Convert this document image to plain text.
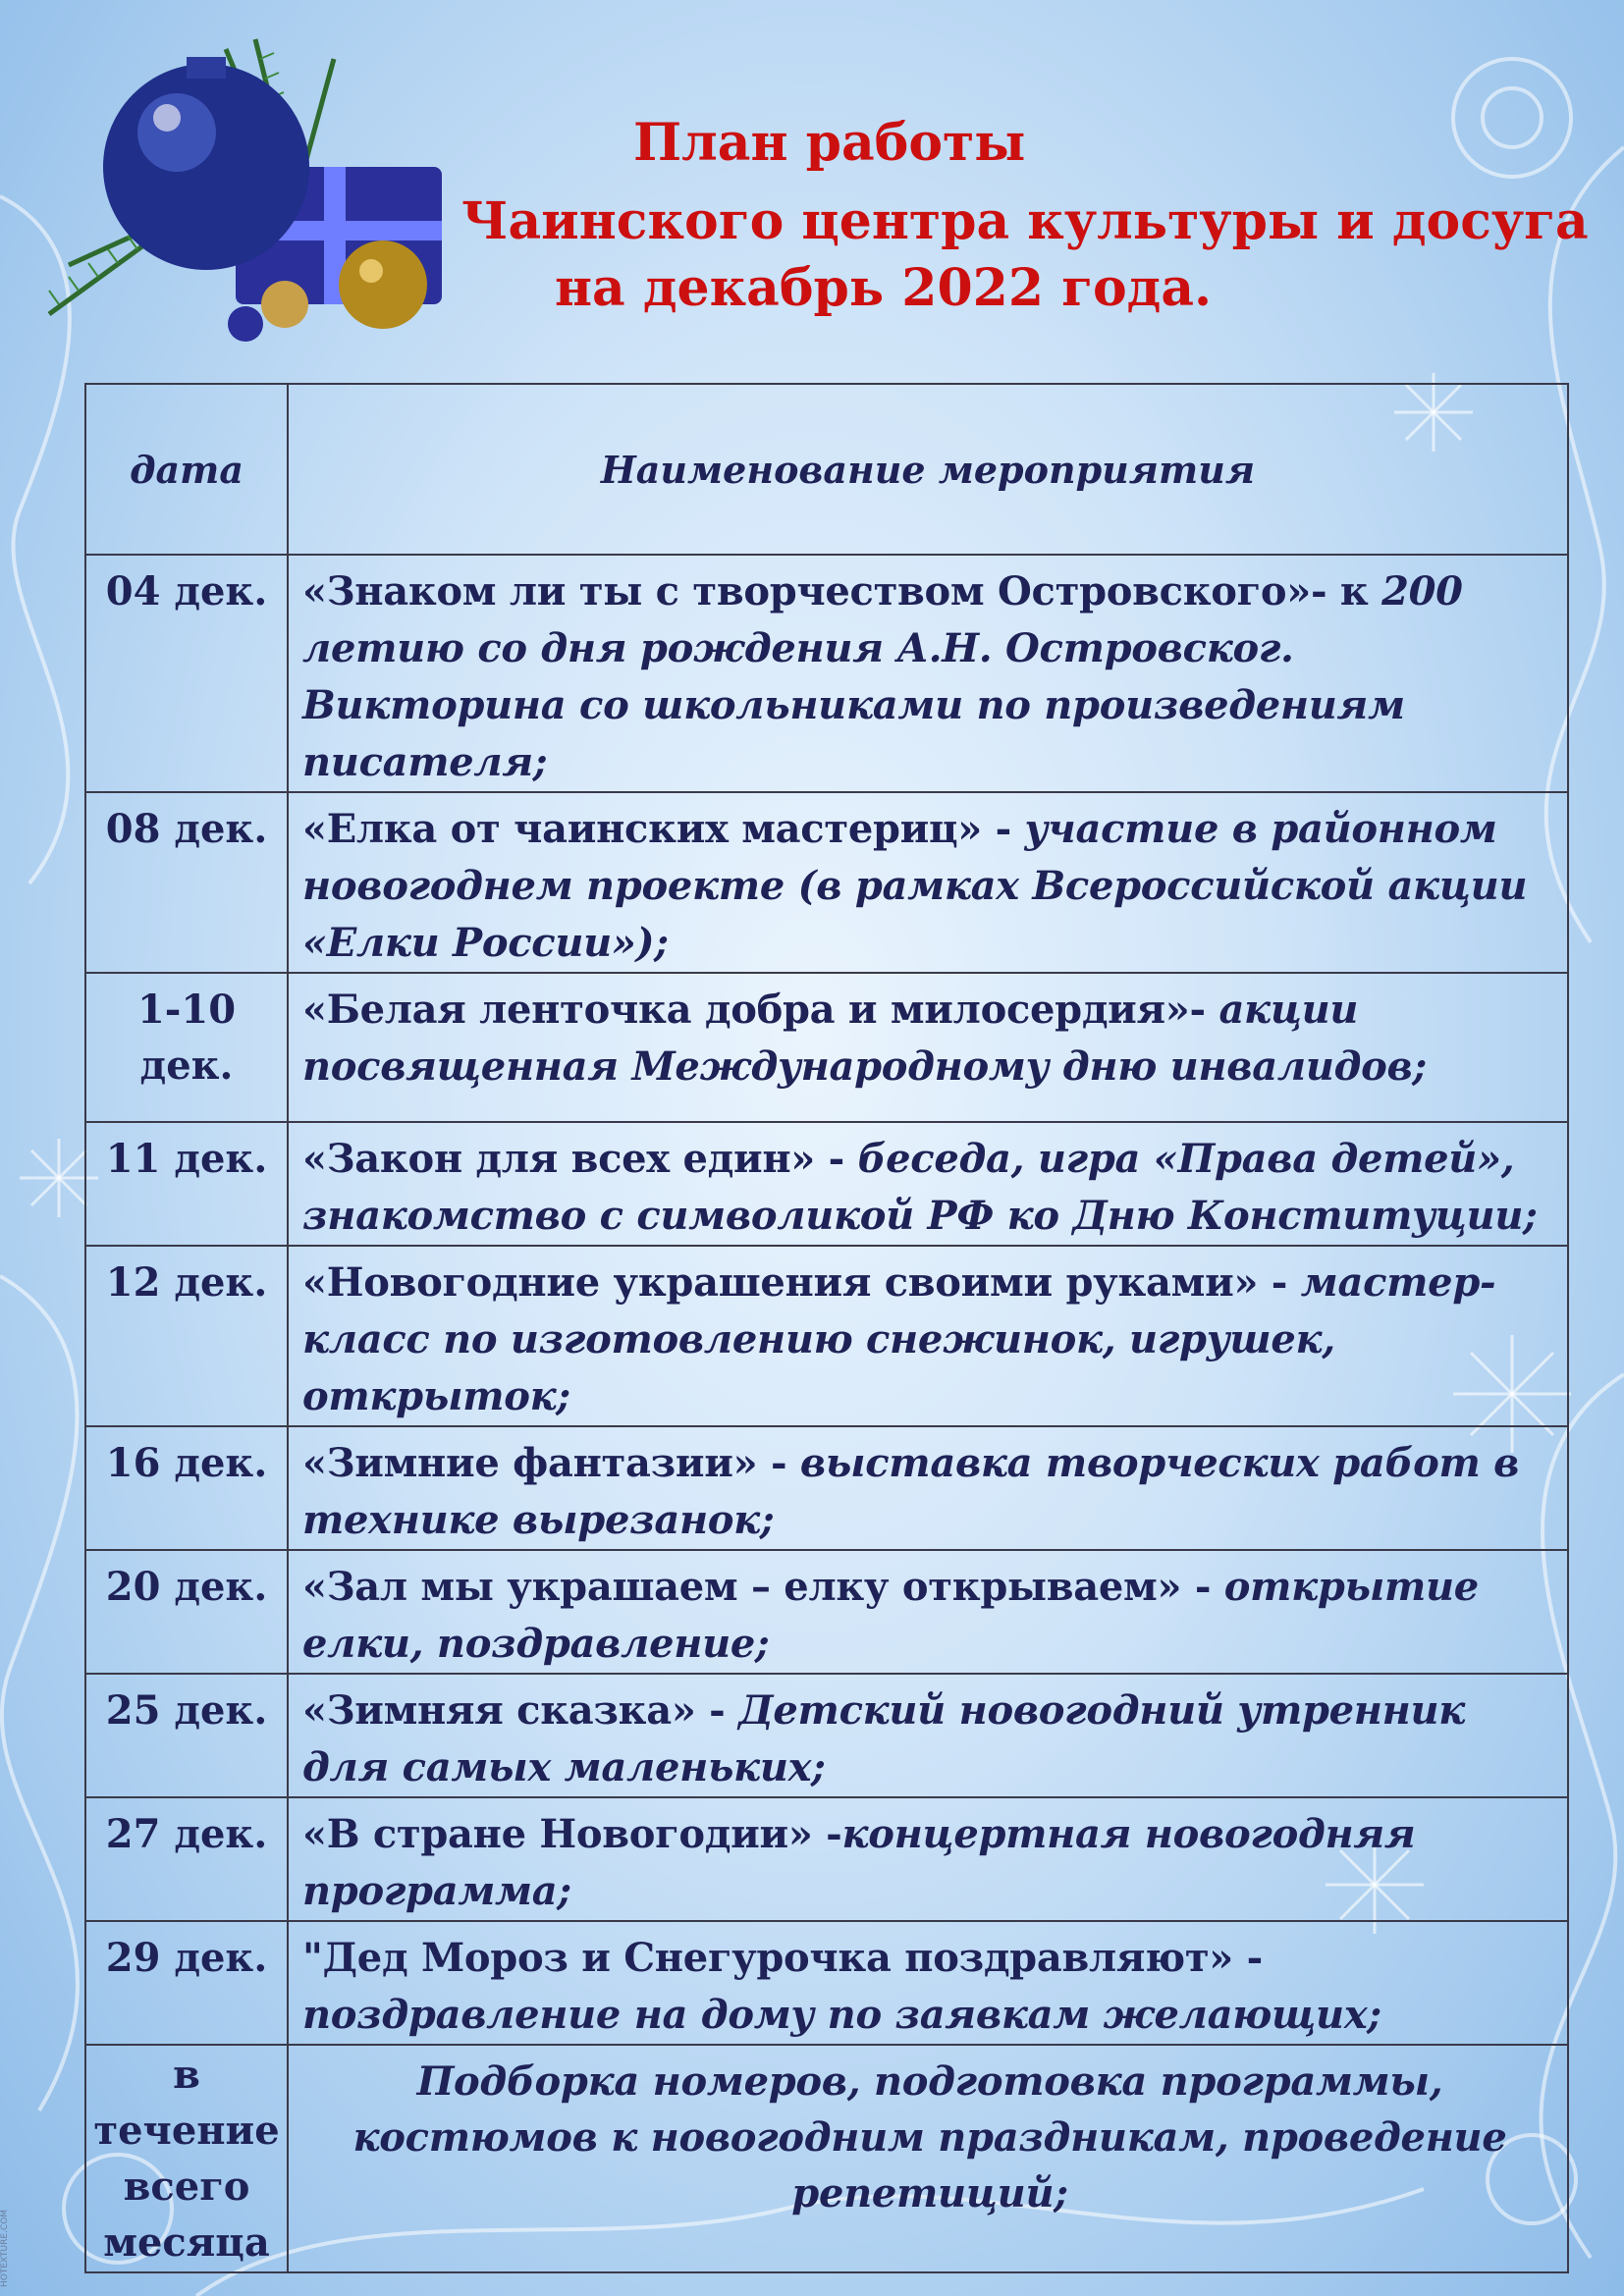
План работы
Чаинского центра культуры и досуга
на декабрь 2022 года.
дата	Наименование мероприятия
04 дек.	«Знаком ли ты с творчеством Островского»- к 200 летию со дня рождения А.Н. Островског. Викторина со школьниками по произведениям писателя;
08 дек.	«Елка от чаинских мастериц» - участие в районном новогоднем проекте (в рамках Всероссийской акции «Елки России»);
1-10 дек.	«Белая ленточка добра и милосердия»- акции посвященная Международному дню инвалидов;
11 дек.	«Закон для всех един» - беседа, игра «Права детей», знакомство с символикой РФ ко Дню Конституции;
12 дек.	«Новогодние украшения своими руками» - мастер-класс по изготовлению снежинок, игрушек, открыток;
16 дек.	«Зимние фантазии» - выставка творческих работ в технике вырезанок;
20 дек.	«Зал мы украшаем – елку открываем» - открытие елки, поздравление;
25 дек.	«Зимняя сказка» - Детский новогодний утренник для самых маленьких;
27 дек.	«В стране Новогодии» -концертная новогодняя программа;
29 дек.	"Дед Мороз и Снегурочка поздравляют» - поздравление на дому по заявкам желающих;
в течение всего месяца	Подборка номеров, подготовка программы, костюмов к новогодним праздникам, проведение репетиций;
HOTEXTURE.COM
